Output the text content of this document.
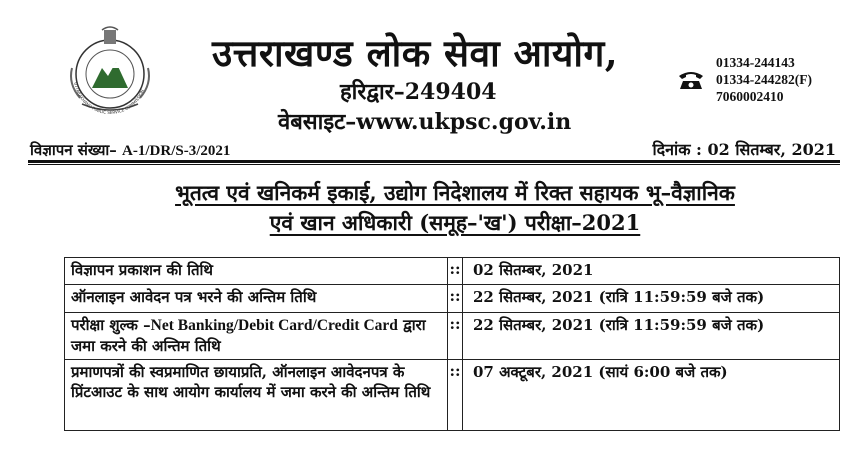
UTTARAKHAND PUBLIC SERVICE COMMISSION
उत्तराखण्ड लोक सेवा आयोग,
हरिद्वार–249404
वेबसाइट–www.ukpsc.gov.in
01334-244143
01334-244282(F)
7060002410
विज्ञापन संख्या– A-1/DR/S-3/2021	दिनांक : 02 सितम्बर, 2021
भूतत्व एवं खनिकर्म इकाई, उद्योग निदेशालय में रिक्त सहायक भू–वैज्ञानिक
एवं खान अधिकारी (समूह–'ख') परीक्षा–2021
विज्ञापन प्रकाशन की तिथि	::	02 सितम्बर, 2021
ऑनलाइन आवेदन पत्र भरने की अन्तिम तिथि	::	22 सितम्बर, 2021 (रात्रि 11:59:59 बजे तक)
परीक्षा शुल्क –Net Banking/Debit Card/Credit Card द्वारा जमा करने की अन्तिम तिथि	::	22 सितम्बर, 2021 (रात्रि 11:59:59 बजे तक)
प्रमाणपत्रों की स्वप्रमाणित छायाप्रति, ऑनलाइन आवेदनपत्र के प्रिंटआउट के साथ आयोग कार्यालय में जमा करने की अन्तिम तिथि	::	07 अक्टूबर, 2021 (सायं 6:00 बजे तक)
